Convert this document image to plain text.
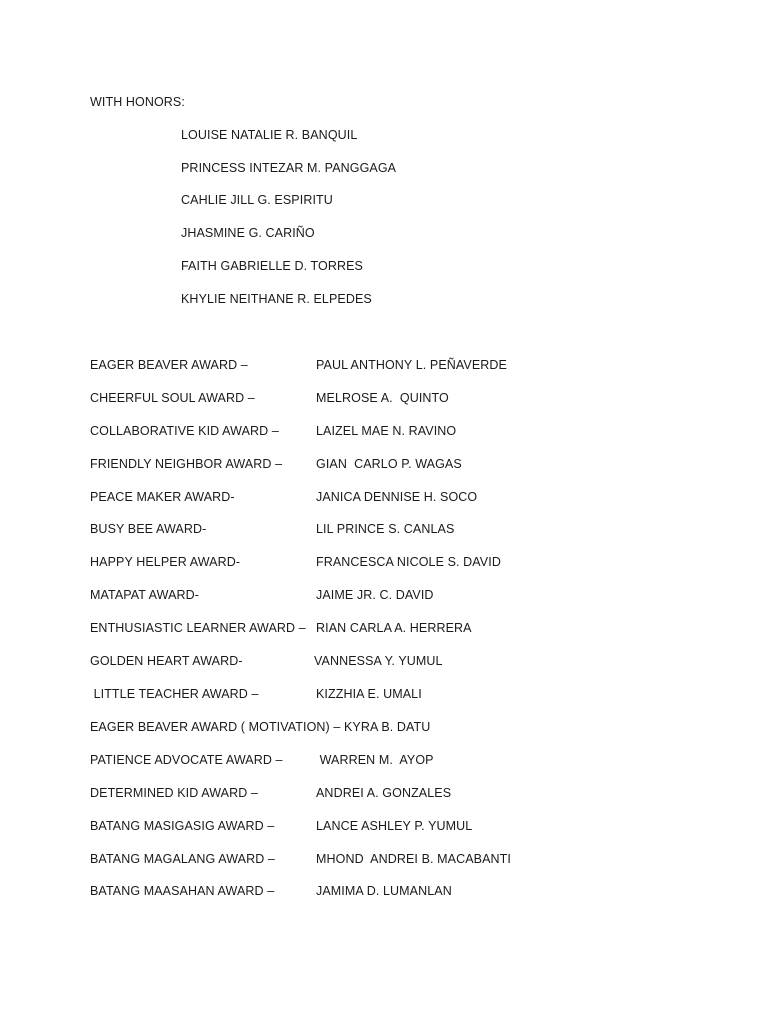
WITH HONORS:
LOUISE NATALIE R. BANQUIL
PRINCESS INTEZAR M. PANGGAGA
CAHLIE JILL G. ESPIRITU
JHASMINE G. CARIÑO
FAITH GABRIELLE D. TORRES
KHYLIE NEITHANE R. ELPEDES
EAGER BEAVER AWARD –	PAUL ANTHONY L. PEÑAVERDE
CHEERFUL SOUL AWARD –	MELROSE A.  QUINTO
COLLABORATIVE KID AWARD –	LAIZEL MAE N. RAVINO
FRIENDLY NEIGHBOR AWARD –	GIAN  CARLO P. WAGAS
PEACE MAKER AWARD-	JANICA DENNISE H. SOCO
BUSY BEE AWARD-	LIL PRINCE S. CANLAS
HAPPY HELPER AWARD-	FRANCESCA NICOLE S. DAVID
MATAPAT AWARD-	JAIME JR. C. DAVID
ENTHUSIASTIC LEARNER AWARD – RIAN CARLA A. HERRERA
GOLDEN HEART AWARD-	VANNESSA Y. YUMUL
LITTLE TEACHER AWARD –	KIZZHIA E. UMALI
EAGER BEAVER AWARD ( MOTIVATION) – KYRA B. DATU
PATIENCE ADVOCATE AWARD –	WARREN M.  AYOP
DETERMINED KID AWARD –	ANDREI A. GONZALES
BATANG MASIGASIG AWARD –	LANCE ASHLEY P. YUMUL
BATANG MAGALANG AWARD –	MHOND  ANDREI B. MACABANTI
BATANG MAASAHAN AWARD –	JAMIMA D. LUMANLAN
